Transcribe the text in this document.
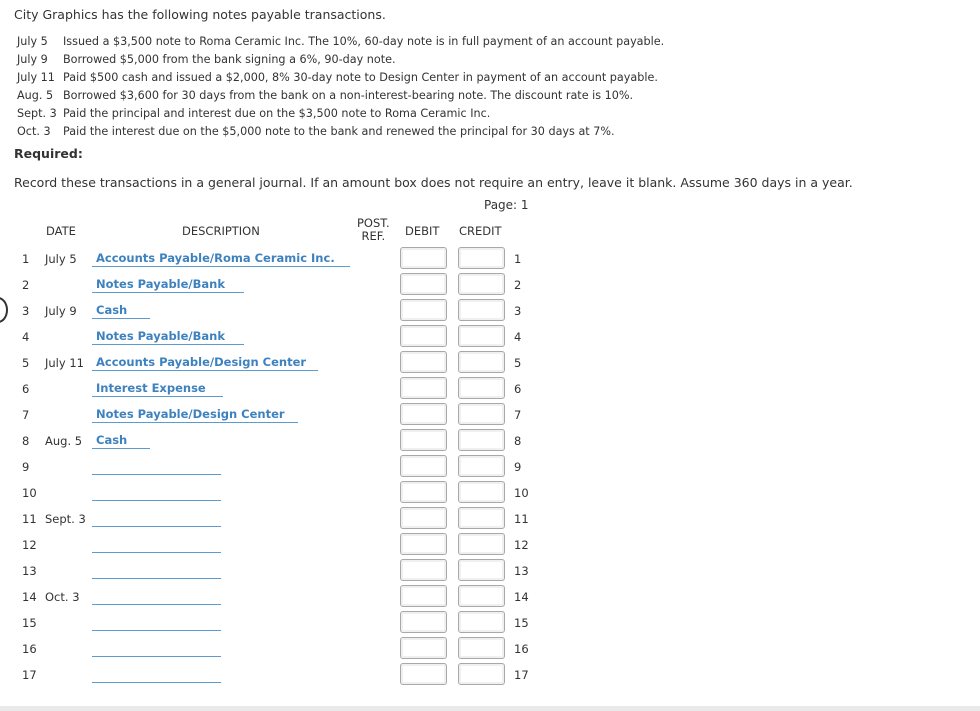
City Graphics has the following notes payable transactions.
July 5 Issued a $3,500 note to Roma Ceramic Inc. The 10%, 60-day note is in full payment of an account payable.
July 9 Borrowed $5,000 from the bank signing a 6%, 90-day note.
July 11 Paid $500 cash and issued a $2,000, 8% 30-day note to Design Center in payment of an account payable.
Aug. 5 Borrowed $3,600 for 30 days from the bank on a non-interest-bearing note. The discount rate is 10%.
Sept. 3 Paid the principal and interest due on the $3,500 note to Roma Ceramic Inc.
Oct. 3 Paid the interest due on the $5,000 note to the bank and renewed the principal for 30 days at 7%.
Required:
Record these transactions in a general journal. If an amount box does not require an entry, leave it blank. Assume 360 days in a year.
Page: 1
DATE	DESCRIPTION
POST.
REF.	DEBIT CREDIT
1 July 5	Accounts Payable/Roma Ceramic Inc.	1
2	Notes Payable/Bank	2
3 July 9	Cash	3
4	Notes Payable/Bank	4
5 July 11	Accounts Payable/Design Center	5
6	Interest Expense	6
7	Notes Payable/Design Center	7
8 Aug. 5	Cash	8
9	9
10	10
11 Sept. 3	11
12	12
13	13
14 Oct. 3	14
15	15
16	16
17	17
